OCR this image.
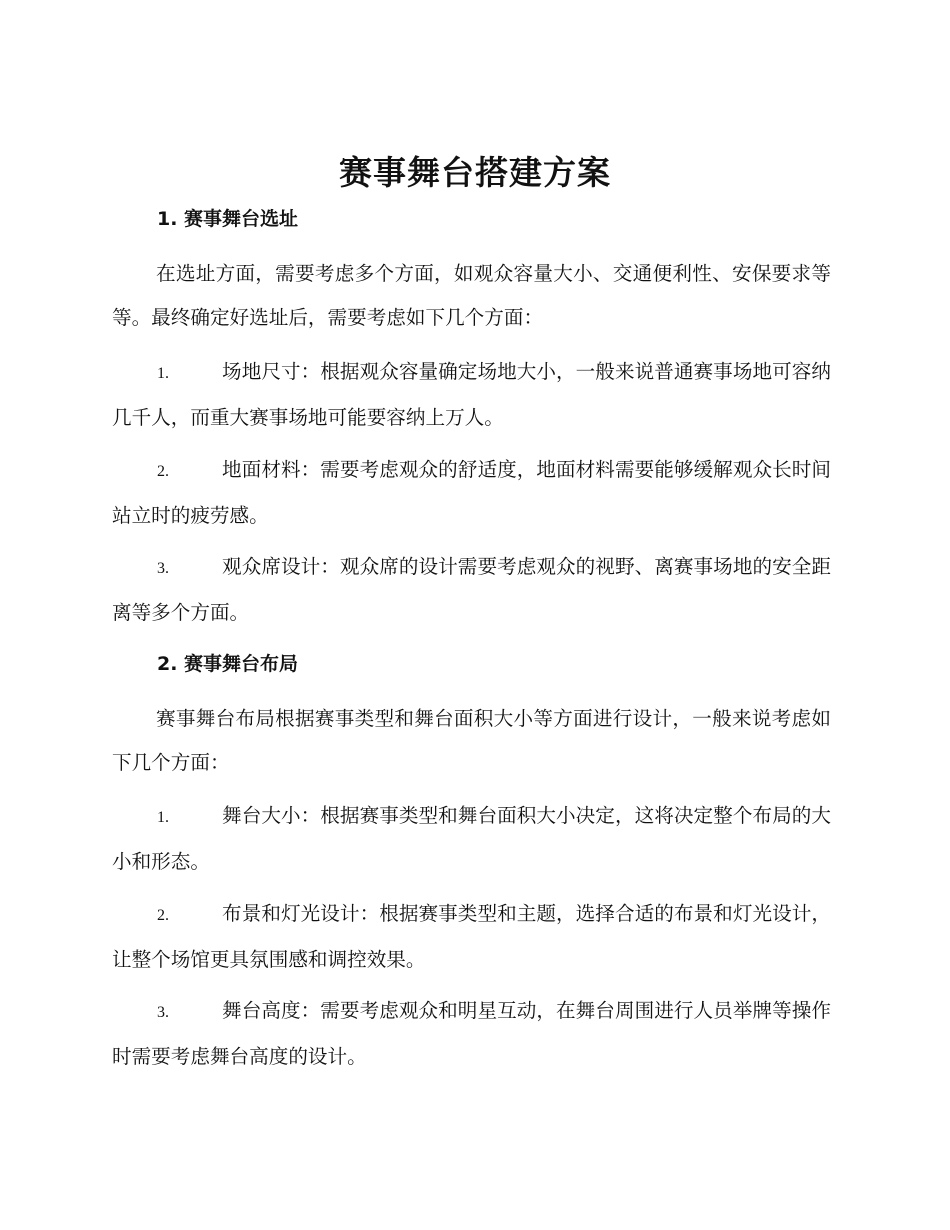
赛事舞台搭建方案
1. 赛事舞台选址
在选址方面，需要考虑多个方面，如观众容量大小、交通便利性、安保要求等等。最终确定好选址后，需要考虑如下几个方面：
1.	场地尺寸：根据观众容量确定场地大小，一般来说普通赛事场地可容纳几千人，而重大赛事场地可能要容纳上万人。
2.	地面材料：需要考虑观众的舒适度，地面材料需要能够缓解观众长时间站立时的疲劳感。
3.	观众席设计：观众席的设计需要考虑观众的视野、离赛事场地的安全距离等多个方面。
2. 赛事舞台布局
赛事舞台布局根据赛事类型和舞台面积大小等方面进行设计，一般来说考虑如下几个方面：
1.	舞台大小：根据赛事类型和舞台面积大小决定，这将决定整个布局的大小和形态。
2.	布景和灯光设计：根据赛事类型和主题，选择合适的布景和灯光设计，让整个场馆更具氛围感和调控效果。
3.	舞台高度：需要考虑观众和明星互动，在舞台周围进行人员举牌等操作时需要考虑舞台高度的设计。
